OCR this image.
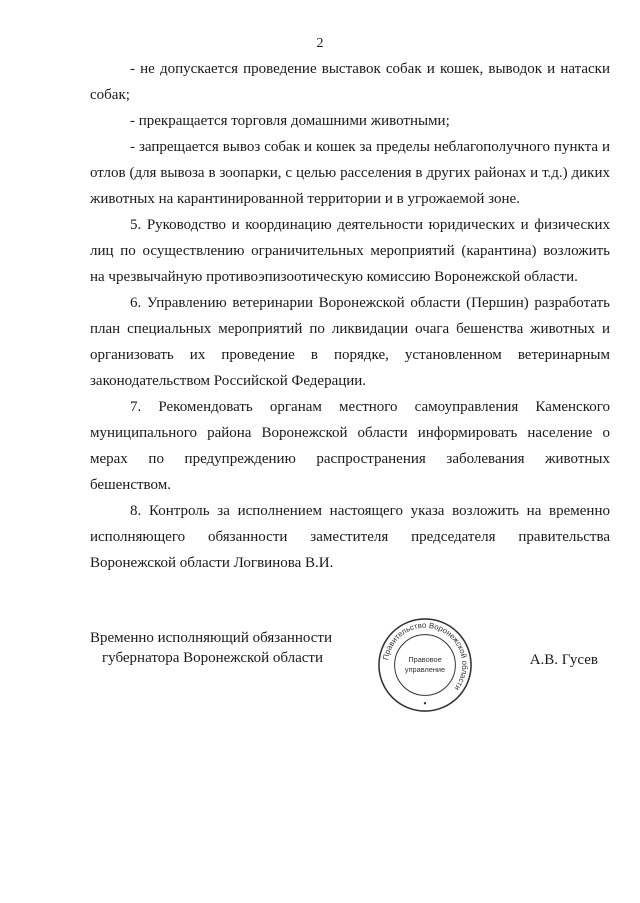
2

- не допускается проведение выставок собак и кошек, выводок и натаски собак;

- прекращается торговля домашними животными;

- запрещается вывоз собак и кошек за пределы неблагополучного пункта и отлов (для вывоза в зоопарки, с целью расселения в других районах и т.д.) диких животных на карантинированной территории и в угрожаемой зоне.

5. Руководство и координацию деятельности юридических и физических лиц по осуществлению ограничительных мероприятий (карантина) возложить на чрезвычайную противоэпизоотическую комиссию Воронежской области.

6. Управлению ветеринарии Воронежской области (Першин) разработать план специальных мероприятий по ликвидации очага бешенства животных и организовать их проведение в порядке, установленном ветеринарным законодательством Российской Федерации.

7. Рекомендовать органам местного самоуправления Каменского муниципального района Воронежской области информировать население о мерах по предупреждению распространения заболевания животных бешенством.

8. Контроль за исполнением настоящего указа возложить на временно исполняющего обязанности заместителя председателя правительства Воронежской области Логвинова В.И.

Временно исполняющий обязанности
губернатора Воронежской области	Правительство Воронежской области
Правовое
управление
А.В. Гусев
